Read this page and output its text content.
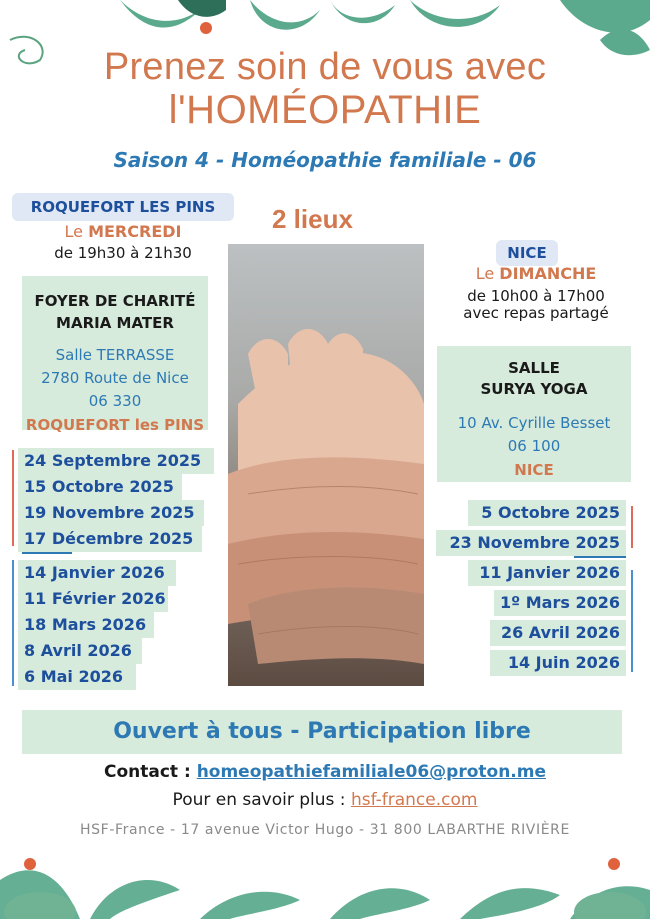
Prenez soin de vous avec
l'HOMÉOPATHIE
Saison 4 - Homéopathie familiale - 06
2 lieux
ROQUEFORT LES PINS
Le MERCREDI
de 19h30 à 21h30
FOYER DE CHARITÉ
MARIA MATER
Salle TERRASSE
2780 Route de Nice
06 330
ROQUEFORT les PINS
24 Septembre 2025
15 Octobre 2025
19 Novembre 2025
17 Décembre 2025
14 Janvier 2026
11 Février 2026
18 Mars 2026
8 Avril 2026
6 Mai 2026
NICE
Le DIMANCHE
de 10h00 à 17h00
avec repas partagé
SALLE
SURYA YOGA
10 Av. Cyrille Besset
06 100
NICE
5 Octobre 2025
23 Novembre 2025
11 Janvier 2026
1º Mars 2026
26 Avril 2026
14 Juin 2026
Ouvert à tous - Participation libre
Contact : homeopathiefamiliale06@proton.me
Pour en savoir plus : hsf-france.com
HSF-France - 17 avenue Victor Hugo - 31 800 LABARTHE RIVIÈRE
